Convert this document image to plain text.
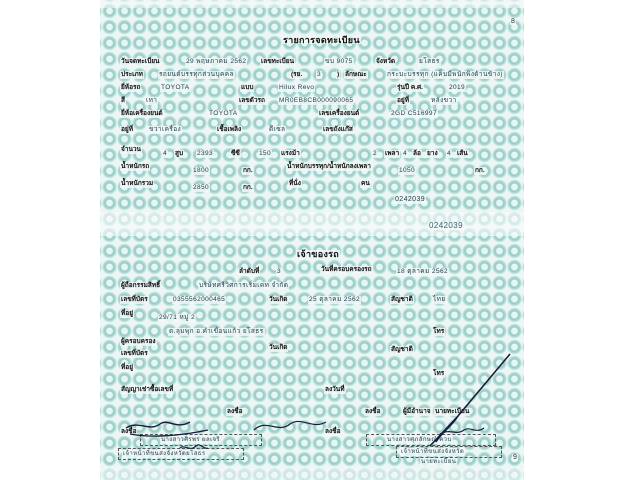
8
รายการจดทะเบียน
วันจดทะเบียน	29 พฤษภาคม 2562 เลขทะเบียน	ขบ 9075	จังหวัด	ยโสธร
ประเภท รถยนต์บรรทุกส่วนบุคคล	(รย. 3 ) ลักษณะ	กระบะบรรทุก (แค็บมีพนักพิงด้านข้าง)
ยี่ห้อรถ	TOYOTA	แบบ	Hilux Revo	รุ่นปี ค.ศ.	2019
สี	เทา	เลขตัวรถ MR0EB8CB000090065	อยู่ที่	หลังขวา
ยี่ห้อเครื่องยนต์	TOYOTA	เลขเครื่องยนต์	2GD C516997
อยู่ที่ ขวาเครื่อง	เชื้อเพลิง	ดีเซล	เลขถังแก๊ส
จำนวน
4 สูบ 2393	ซีซี	150 แรงม้า	2 เพลา 4 ล้อ ยาง 4 เส้น
น้ำหนักรถ
1800	กก.
น้ำหนักบรรทุก/น้ำหนักลงเพลา
1050	กก.
น้ำหนักรวม
2850	กก.
ที่นั่ง	คน
0242039
0242039
เจ้าของรถ
ลำดับที่	3	วันที่ครอบครองรถ	18 ตุลาคม 2562
ผู้ถือกรรมสิทธิ์	บริษัทศรีวิศการเริ่มเคท จำกัด
เลขที่บัตร	0355562000465	วันเกิด	25 ตุลาคม 2562	สัญชาติ	ไทย
ที่อยู่
29/71 หมู่ 2
ต.ลุมพุก อ.คำเขื่อนแก้ว ยโสธร	โทร
ผู้ครอบครอง
เลขที่บัตร
วันเกิด	สัญชาติ
ที่อยู่
โทร
สัญญาเช่าซื้อเลขที่	ลงวันที่
ลงชื่อ	ลงชื่อ	ผู้มีอำนาจ นายทะเบียน
ลงชื่อ	ลงชื่อ
นางสาวศิรพร ผลเจริ	นางสาวศุภลักษณ์ ควบ
เจ้าหน้าที่ขนส่งจังหวัดยโสธร	เจ้าหน้าที่ขนส่งจังหวัด
นายทะเบียน
9
